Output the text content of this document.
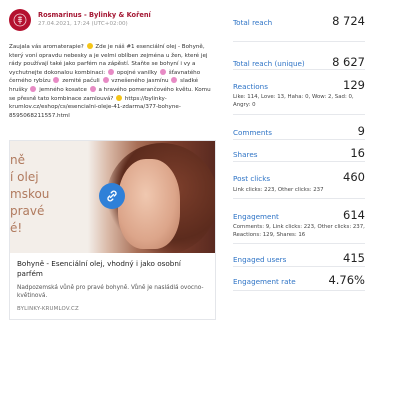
Rosmarinus - Bylinky & Koření
27.04.2021, 17:24 (UTC+02:00)
Zaujala vás aromaterapie?  Zde je náš #1 esenciální olej - Bohyně, který voní opravdu nebesky a je velmi oblíben zejména u žen, které jej rády používají také jako parfém na zápěstí. Staňte se bohyní i vy a vychutnejte dokonalou kombinaci:  opojné vanilky  šťavnatého černého rybízu  zemité pačuli  vznešeného jasmínu  sladké hrušky  jemného kosatce  a hravého pomerančového květu. Komu se přesně tato kombinace zamlouvá?  https://bylinky-krumlov.cz/eshop/cs/esencialni-oleje-41-zdarma/377-bohyne-8595068211557.html
ně
í olej
mskou
pravé
é!
Bohyně - Esenciální olej, vhodný i jako osobní parfém
Nadpozemská vůně pro pravé bohyně. Vůně je nasládlá ovocno-květinová.
BYLINKY-KRUMLOV.CZ
Total reach	8 724
Total reach (unique) 8 627
Reactions	129
Like: 114, Love: 13, Haha: 0, Wow: 2, Sad: 0, Angry: 0
Comments	9
Shares	16
Post clicks	460
Link clicks: 223, Other clicks: 237
Engagement	614
Comments: 9, Link clicks: 223, Other clicks: 237, Reactions: 129, Shares: 16
Engaged users	415
Engagement rate	4.76%
